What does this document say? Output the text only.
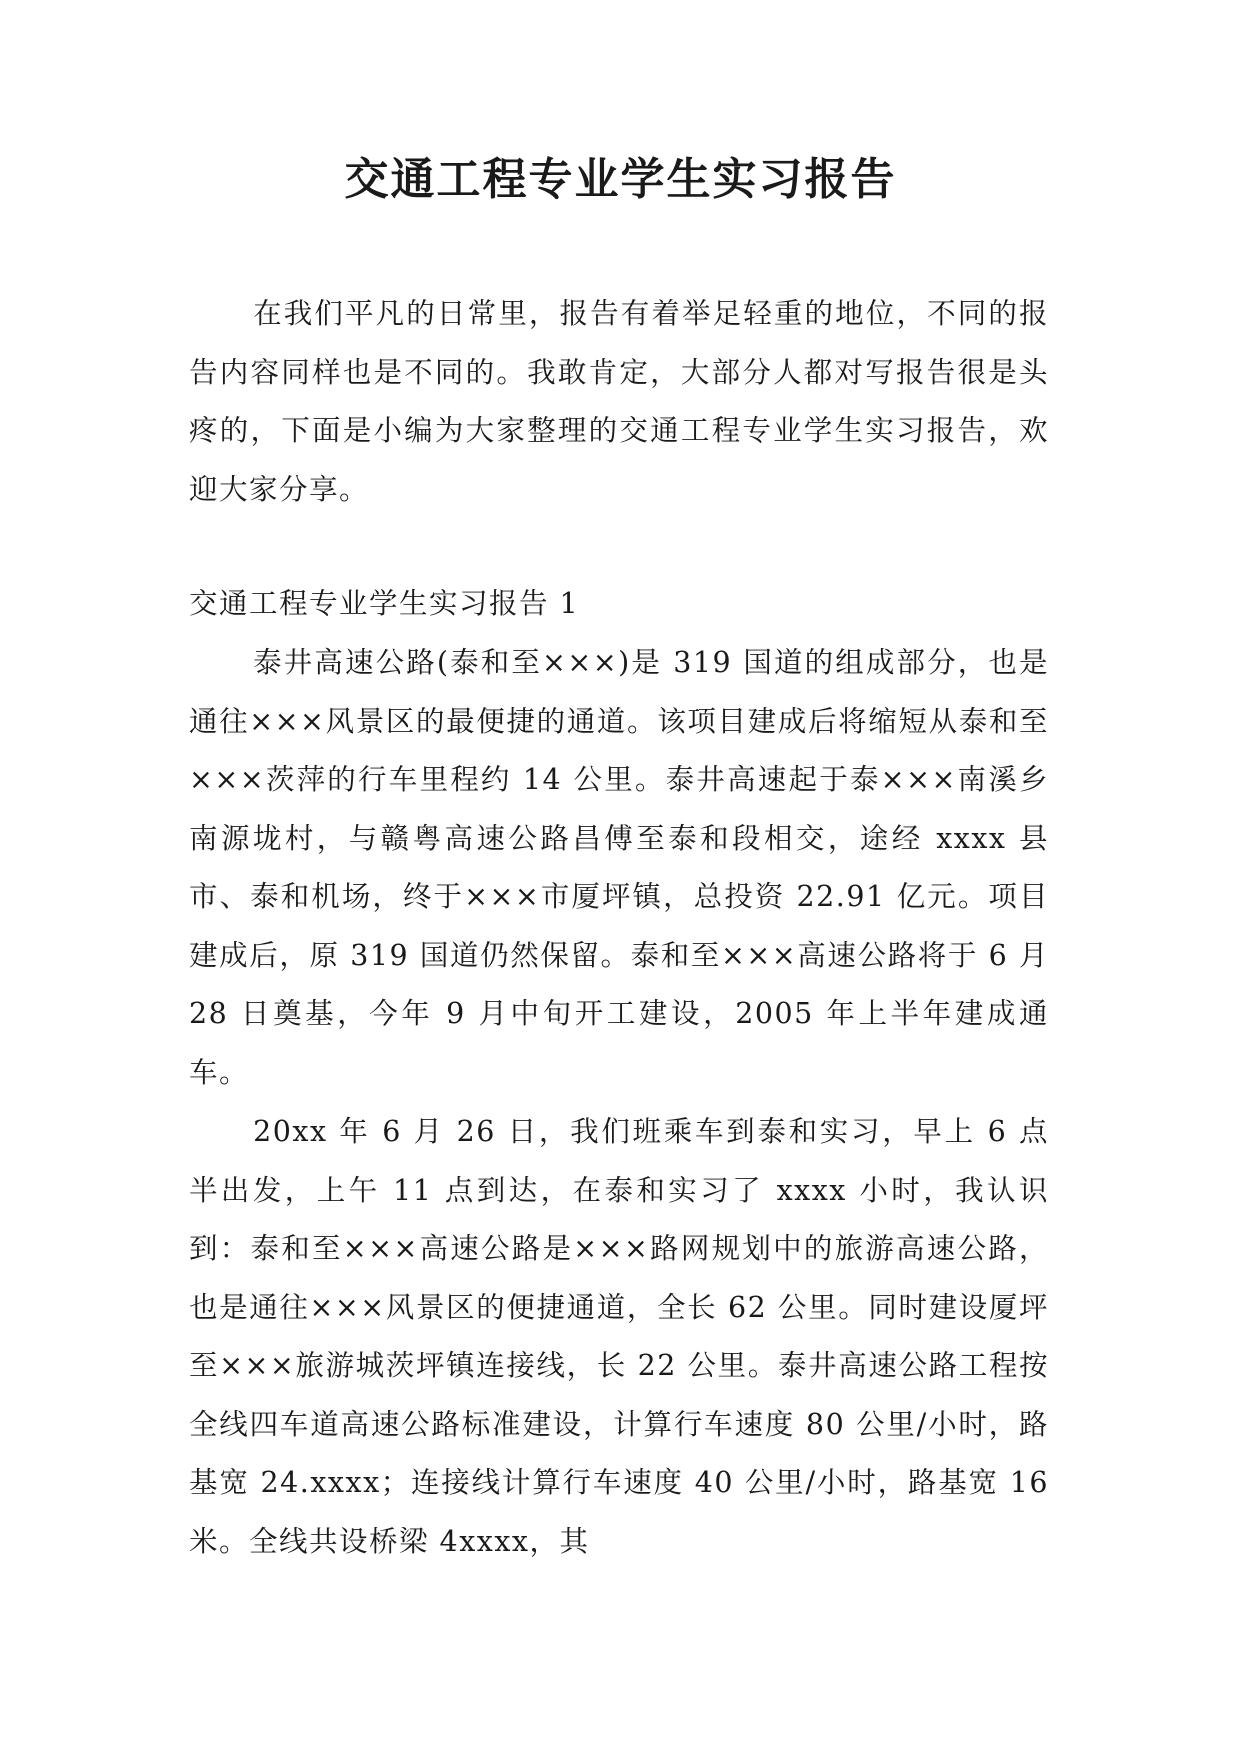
交通工程专业学生实习报告

在我们平凡的日常里，报告有着举足轻重的地位，不同的报告内容同样也是不同的。我敢肯定，大部分人都对写报告很是头疼的，下面是小编为大家整理的交通工程专业学生实习报告，欢迎大家分享。

交通工程专业学生实习报告 1

泰井高速公路(泰和至×××)是 319 国道的组成部分，也是通往×××风景区的最便捷的通道。该项目建成后将缩短从泰和至×××茨萍的行车里程约 14 公里。泰井高速起于泰×××南溪乡南源垅村，与赣粤高速公路昌傅至泰和段相交，途经 xxxx 县市、泰和机场，终于×××市厦坪镇，总投资 22.91 亿元。项目建成后，原 319 国道仍然保留。泰和至×××高速公路将于 6 月 28 日奠基，今年 9 月中旬开工建设，2005 年上半年建成通车。

20xx 年 6 月 26 日，我们班乘车到泰和实习，早上 6 点半出发，上午 11 点到达，在泰和实习了 xxxx 小时，我认识到：泰和至×××高速公路是×××路网规划中的旅游高速公路，也是通往×××风景区的便捷通道，全长 62 公里。同时建设厦坪至×××旅游城茨坪镇连接线，长 22 公里。泰井高速公路工程按全线四车道高速公路标准建设，计算行车速度 80 公里/小时，路基宽 24.xxxx；连接线计算行车速度 40 公里/小时，路基宽 16 米。全线共设桥梁 4xxxx，其
